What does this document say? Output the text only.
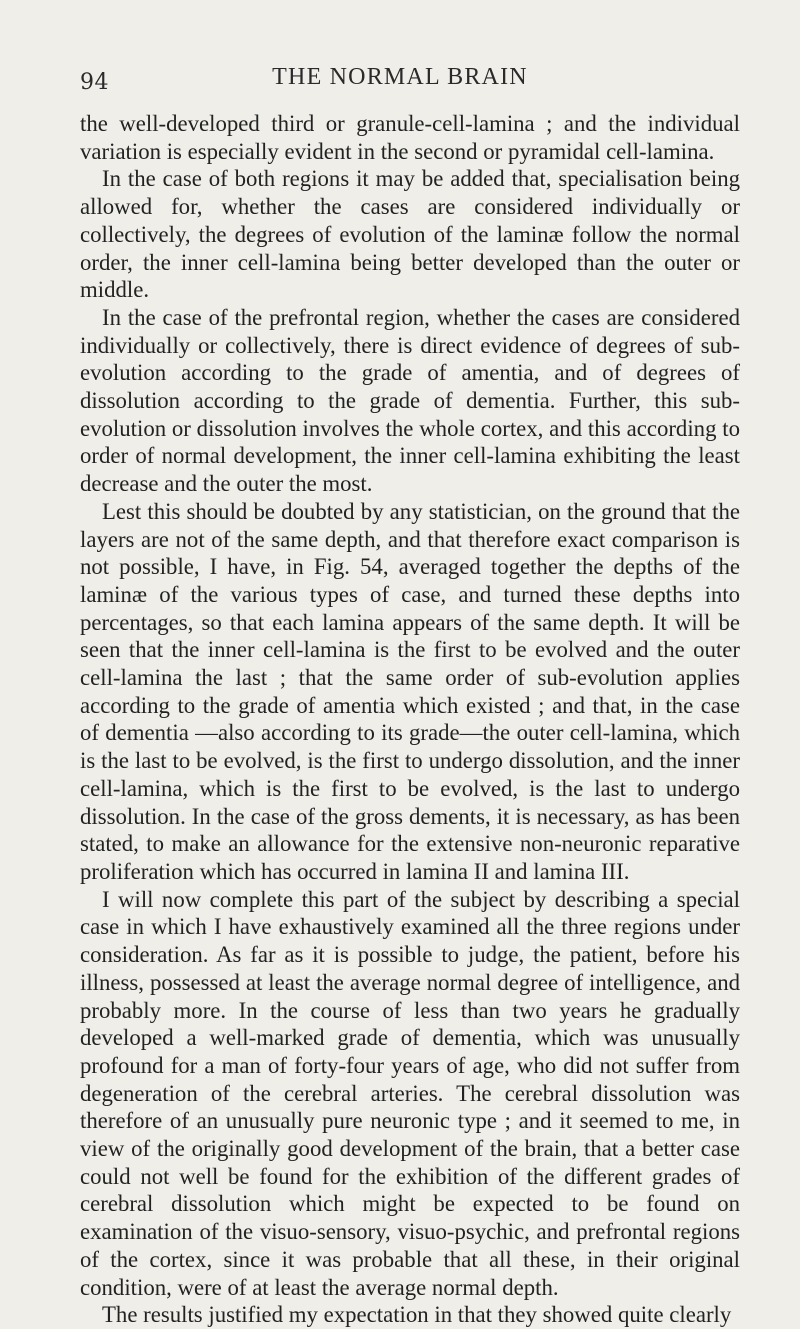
94	THE NORMAL BRAIN

the well-developed third or granule-cell-lamina ; and the individual variation is especially evident in the second or pyramidal cell-lamina.

In the case of both regions it may be added that, specialisation being allowed for, whether the cases are considered individually or collectively, the degrees of evolution of the laminæ follow the normal order, the inner cell-lamina being better developed than the outer or middle.

In the case of the prefrontal region, whether the cases are considered individually or collectively, there is direct evidence of degrees of sub-evolution according to the grade of amentia, and of degrees of dissolution according to the grade of dementia. Further, this sub-evolution or dissolution involves the whole cortex, and this according to order of normal development, the inner cell-lamina exhibiting the least decrease and the outer the most.

Lest this should be doubted by any statistician, on the ground that the layers are not of the same depth, and that therefore exact comparison is not possible, I have, in Fig. 54, averaged together the depths of the laminæ of the various types of case, and turned these depths into percentages, so that each lamina appears of the same depth. It will be seen that the inner cell-lamina is the first to be evolved and the outer cell-lamina the last ; that the same order of sub-evolution applies according to the grade of amentia which existed ; and that, in the case of dementia —also according to its grade—the outer cell-lamina, which is the last to be evolved, is the first to undergo dissolution, and the inner cell-lamina, which is the first to be evolved, is the last to undergo dissolution. In the case of the gross dements, it is necessary, as has been stated, to make an allowance for the extensive non-neuronic reparative proliferation which has occurred in lamina II and lamina III.

I will now complete this part of the subject by describing a special case in which I have exhaustively examined all the three regions under consideration. As far as it is possible to judge, the patient, before his illness, possessed at least the average normal degree of intelligence, and probably more. In the course of less than two years he gradually developed a well-marked grade of dementia, which was unusually profound for a man of forty-four years of age, who did not suffer from degeneration of the cerebral arteries. The cerebral dissolution was therefore of an unusually pure neuronic type ; and it seemed to me, in view of the originally good development of the brain, that a better case could not well be found for the exhibition of the different grades of cerebral dissolution which might be expected to be found on examination of the visuo-sensory, visuo-psychic, and prefrontal regions of the cortex, since it was probable that all these, in their original condition, were of at least the average normal depth.

The results justified my expectation in that they showed quite clearly
